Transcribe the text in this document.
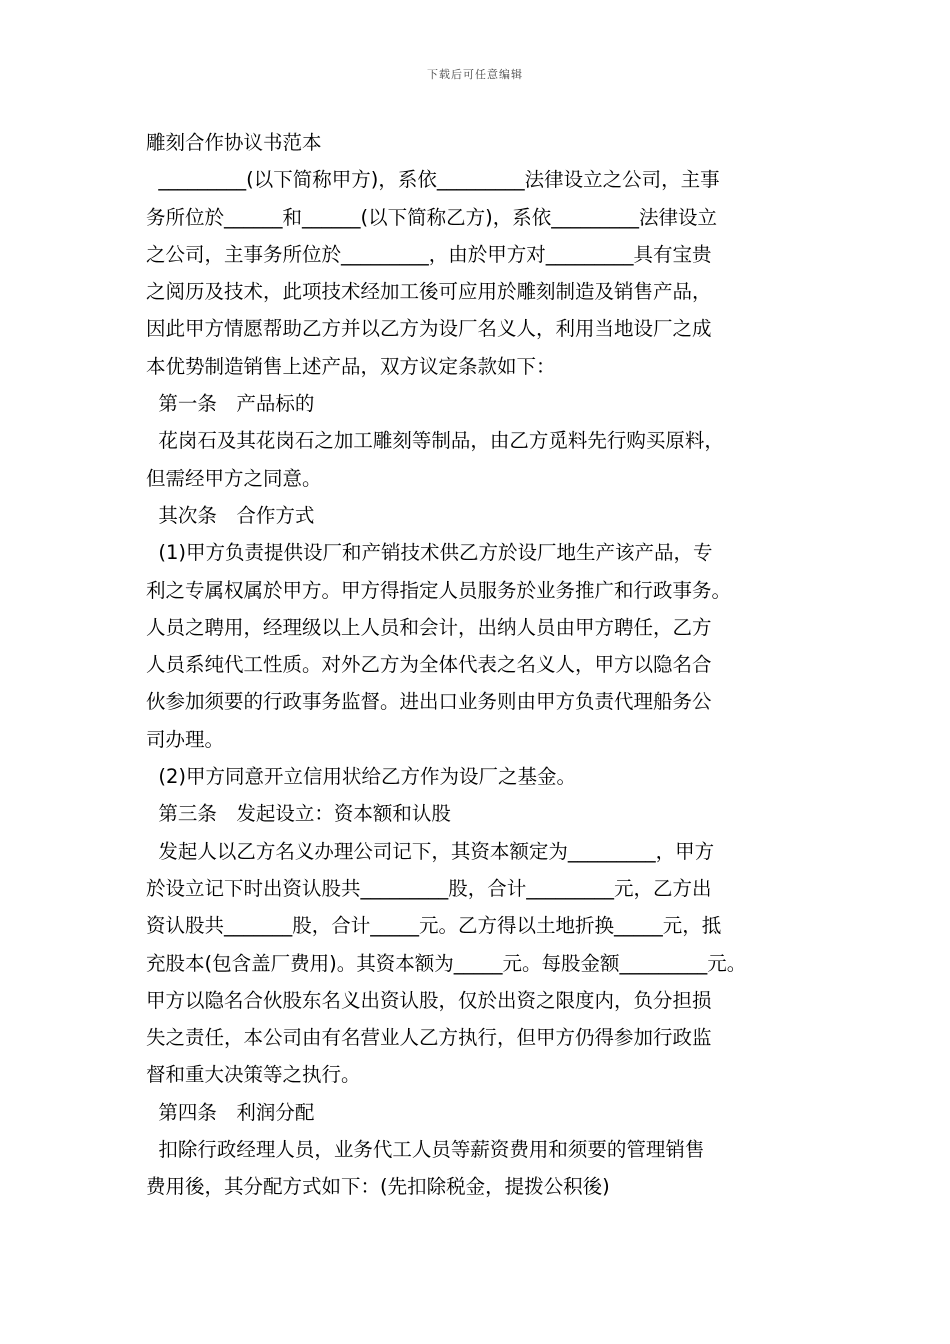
下载后可任意编辑
雕刻合作协议书范本
_________(以下简称甲方)，系依_________法律设立之公司，主事
务所位於______和______(以下简称乙方)，系依_________法律设立
之公司，主事务所位於_________，由於甲方对_________具有宝贵
之阅历及技术，此项技术经加工後可应用於雕刻制造及销售产品，
因此甲方情愿帮助乙方并以乙方为设厂名义人，利用当地设厂之成
本优势制造销售上述产品，双方议定条款如下：
第一条　产品标的
花岗石及其花岗石之加工雕刻等制品，由乙方觅料先行购买原料，
但需经甲方之同意。
其次条　合作方式
(1)甲方负责提供设厂和产销技术供乙方於设厂地生产该产品，专
利之专属权属於甲方。甲方得指定人员服务於业务推广和行政事务。
人员之聘用，经理级以上人员和会计，出纳人员由甲方聘任，乙方
人员系纯代工性质。对外乙方为全体代表之名义人，甲方以隐名合
伙参加须要的行政事务监督。进出口业务则由甲方负责代理船务公
司办理。
(2)甲方同意开立信用状给乙方作为设厂之基金。
第三条　发起设立：资本额和认股
发起人以乙方名义办理公司记下，其资本额定为_________，甲方
於设立记下时出资认股共_________股，合计_________元，乙方出
资认股共_______股，合计_____元。乙方得以土地折换_____元，抵
充股本(包含盖厂费用)。其资本额为_____元。每股金额_________元。
甲方以隐名合伙股东名义出资认股，仅於出资之限度内，负分担损
失之责任，本公司由有名营业人乙方执行，但甲方仍得参加行政监
督和重大决策等之执行。
第四条　利润分配
扣除行政经理人员，业务代工人员等薪资费用和须要的管理销售
费用後，其分配方式如下：(先扣除税金，提拨公积後)
